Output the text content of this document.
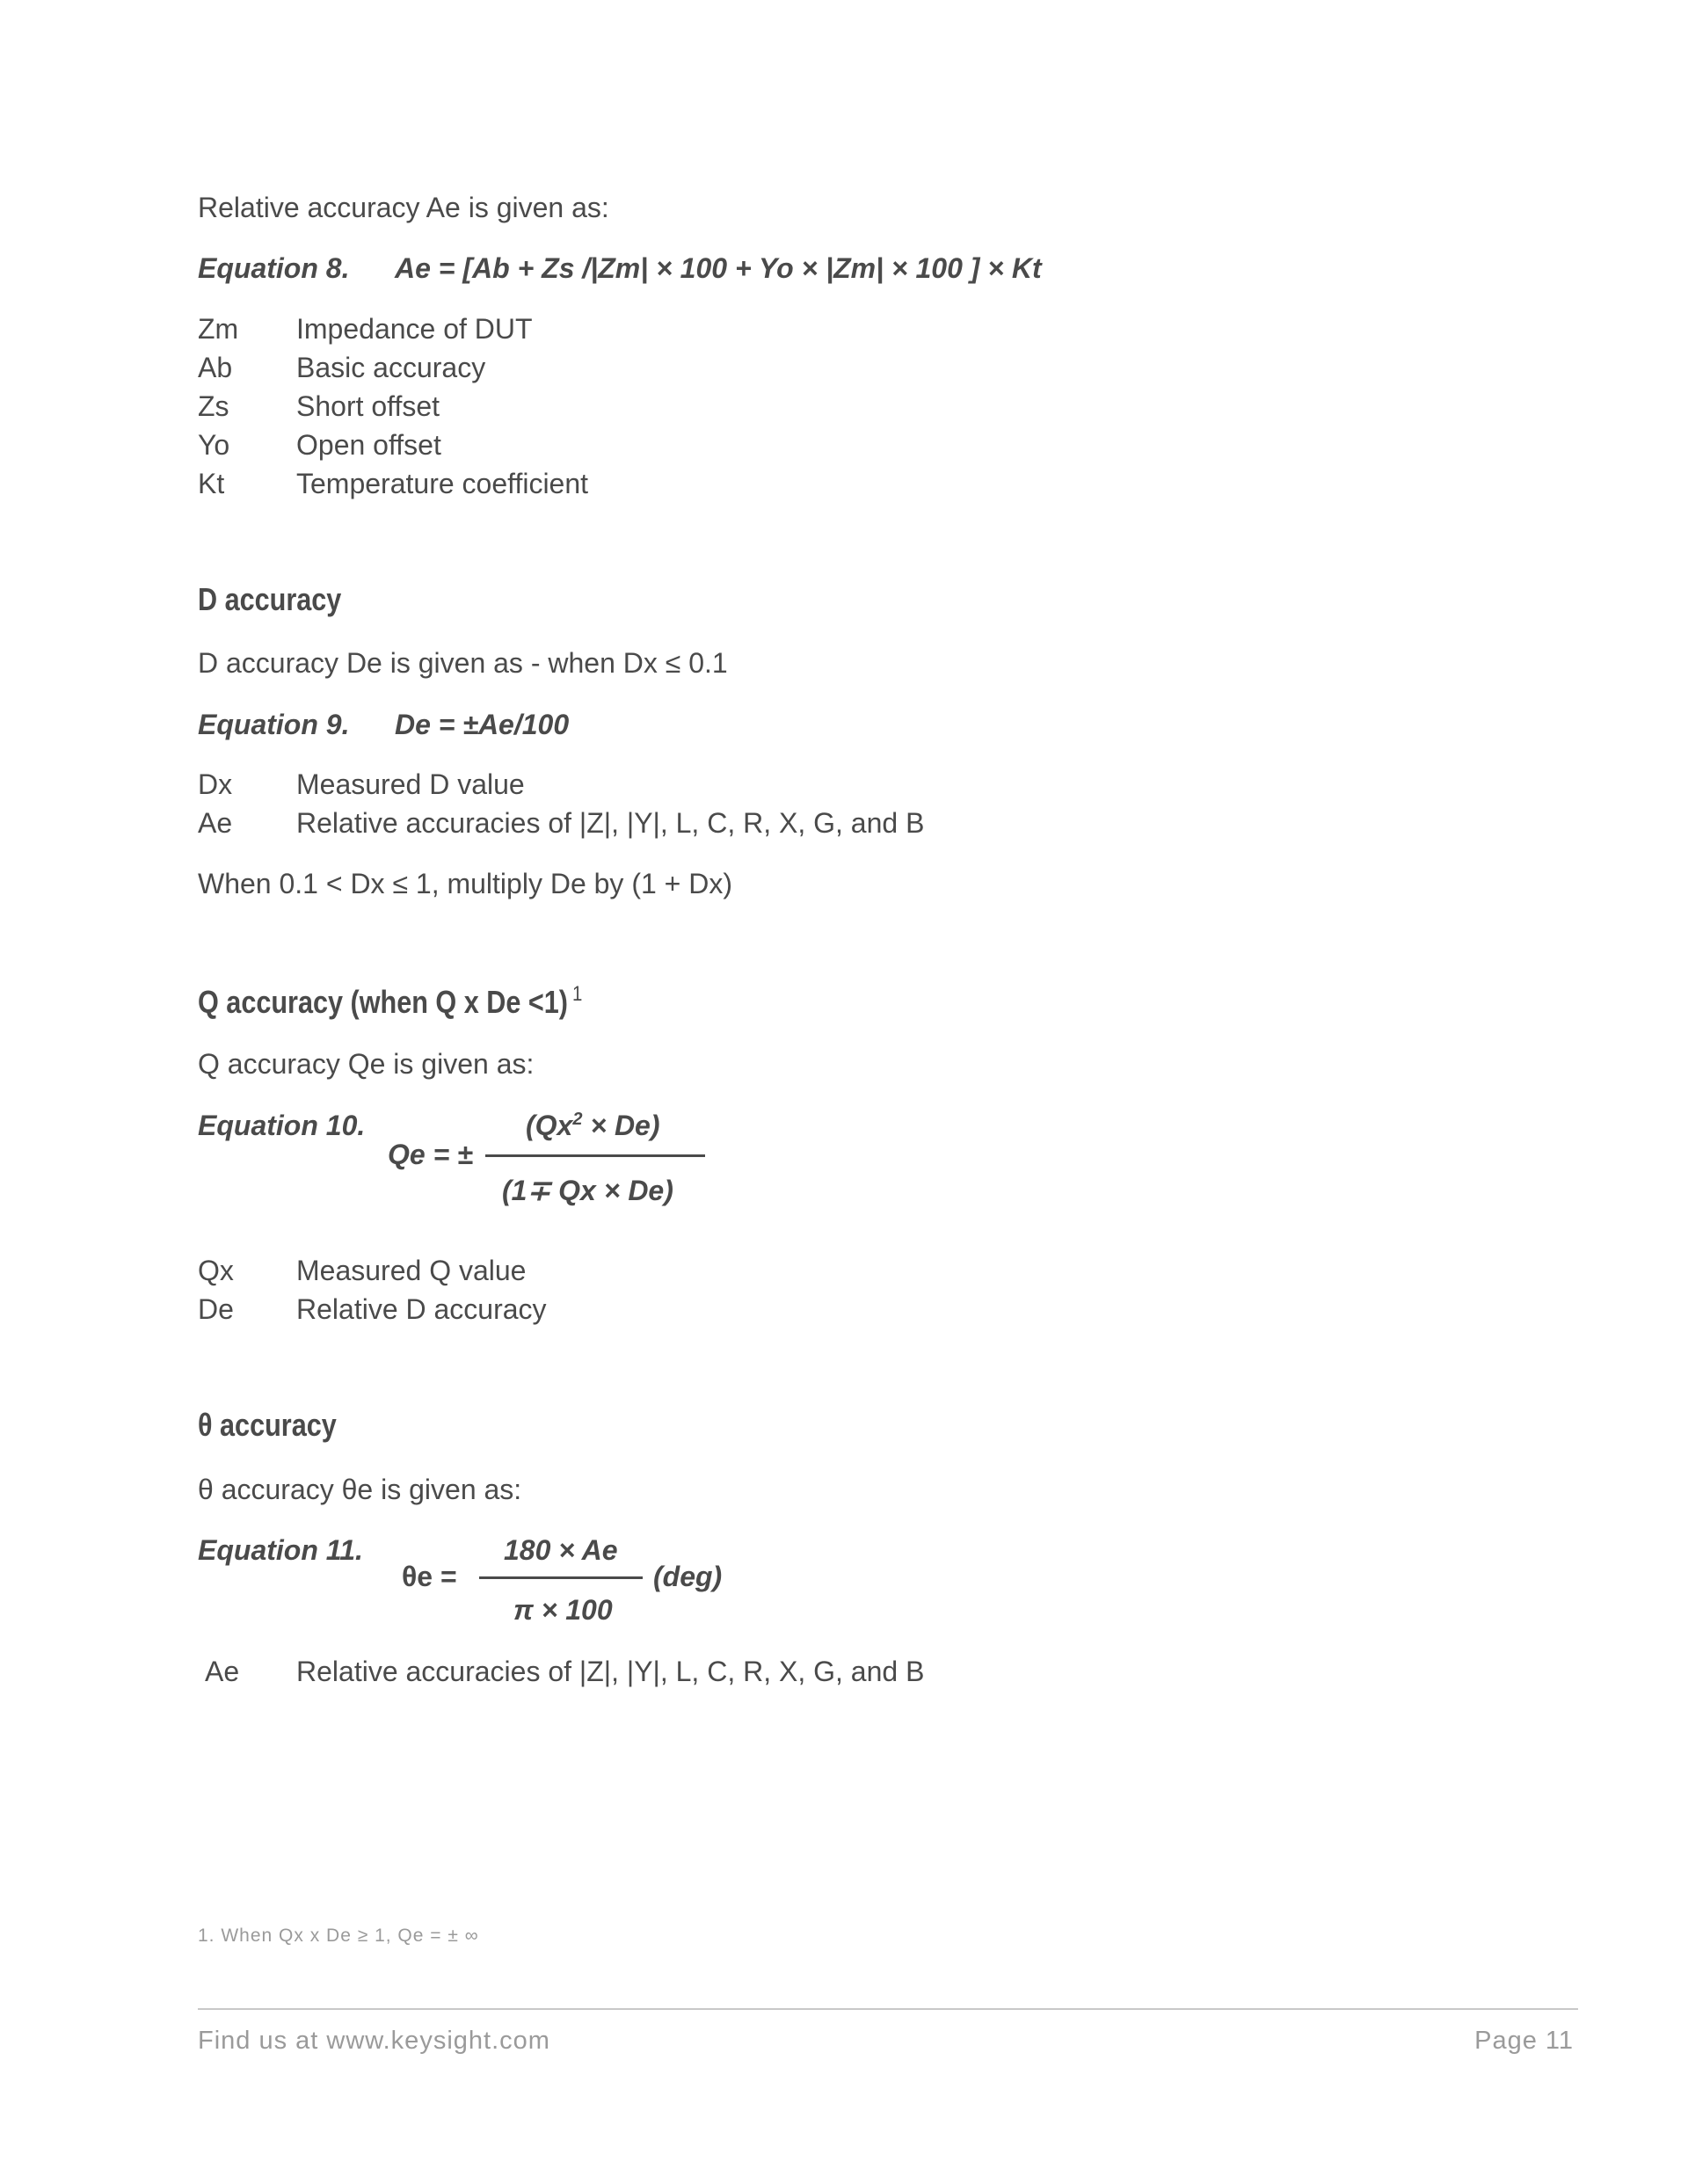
Relative accuracy Ae is given as:
Equation 8. Ae = [Ab + Zs /|Zm| × 100 + Yo × |Zm| × 100 ] × Kt
Zm Impedance of DUT
Ab Basic accuracy
Zs Short offset
Yo Open offset
Kt	Temperature coefficient
D accuracy
D accuracy De is given as - when Dx ≤ 0.1
Equation 9. De = ±Ae/100
Dx Measured D value
Ae Relative accuracies of |Z|, |Y|, L, C, R, X, G, and B
When 0.1 < Dx ≤ 1, multiply De by (1 + Dx)
Q accuracy (when Q x De <1) $^1$
Q accuracy Qe is given as:
Equation 10.
Qe = ±
$(Qx^2 \times De)$
(1∓ Qx × De)
Qx Measured Q value
De Relative D accuracy
θ accuracy
θ accuracy θe is given as:
Equation 11.
θe =
180 × Ae
(deg)
π × 100
Ae Relative accuracies of |Z|, |Y|, L, C, R, X, G, and B
1. When Qx x De ≥ 1, Qe = ± ∞
Find us at www.keysight.com	Page 11
